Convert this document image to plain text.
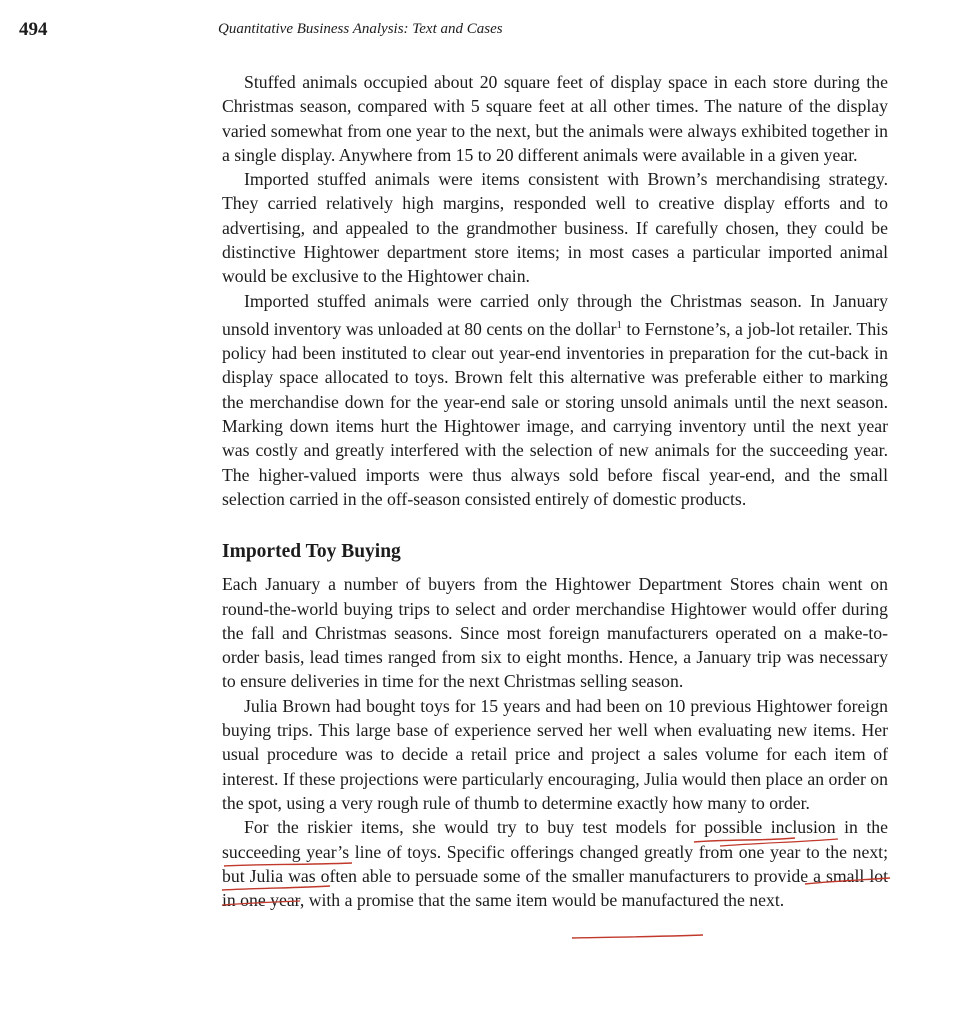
494	Quantitative Business Analysis: Text and Cases

Stuffed animals occupied about 20 square feet of display space in each store during the Christmas season, compared with 5 square feet at all other times. The nature of the display varied somewhat from one year to the next, but the animals were always exhibited together in a single display. Anywhere from 15 to 20 different animals were available in a given year.

Imported stuffed animals were items consistent with Brown’s merchandising strategy. They carried relatively high margins, responded well to creative display efforts and to advertising, and appealed to the grandmother business. If carefully chosen, they could be distinctive Hightower department store items; in most cases a particular imported animal would be exclusive to the Hightower chain.

Imported stuffed animals were carried only through the Christmas season. In January unsold inventory was unloaded at 80 cents on the dollar$^1$ to Fernstone’s, a job-lot retailer. This policy had been instituted to clear out year-end inventories in preparation for the cut-back in display space allocated to toys. Brown felt this alternative was preferable either to marking the merchandise down for the year-end sale or storing unsold animals until the next season. Marking down items hurt the Hightower image, and carrying inventory until the next year was costly and greatly interfered with the selection of new animals for the succeeding year. The higher-valued imports were thus always sold before fiscal year-end, and the small selection carried in the off-season consisted entirely of domestic products.

Imported Toy Buying

Each January a number of buyers from the Hightower Department Stores chain went on round-the-world buying trips to select and order merchandise Hightower would offer during the fall and Christmas seasons. Since most foreign manufacturers operated on a make-to-order basis, lead times ranged from six to eight months. Hence, a January trip was necessary to ensure deliveries in time for the next Christmas selling season.

Julia Brown had bought toys for 15 years and had been on 10 previous Hightower foreign buying trips. This large base of experience served her well when evaluating new items. Her usual procedure was to decide a retail price and project a sales volume for each item of interest. If these projections were particularly encouraging, Julia would then place an order on the spot, using a very rough rule of thumb to determine exactly how many to order.

For the riskier items, she would try to buy test models for possible inclusion in the succeeding year’s line of toys. Specific offerings changed greatly from one year to the next; but Julia was often able to persuade some of the smaller manufacturers to provide a small lot in one year, with a promise that the same item would be manufactured the next.
